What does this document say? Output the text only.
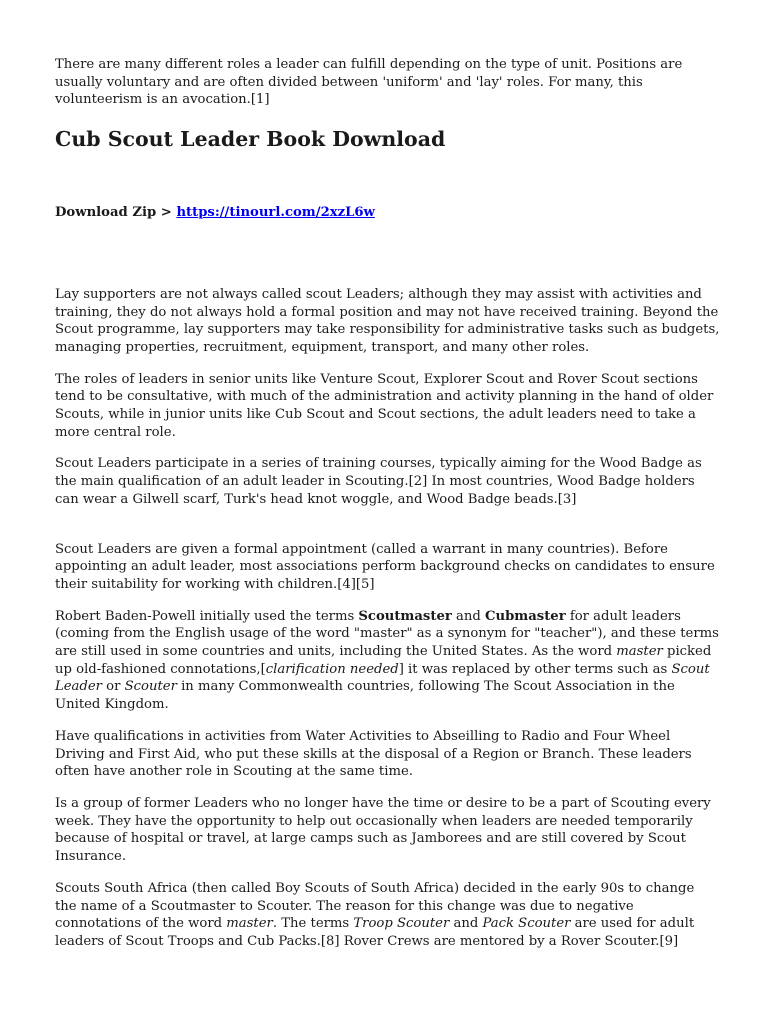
There are many different roles a leader can fulfill depending on the type of unit. Positions are usually voluntary and are often divided between 'uniform' and 'lay' roles. For many, this volunteerism is an avocation.[1]

Cub Scout Leader Book Download

Download Zip > https://tinourl.com/2xzL6w

Lay supporters are not always called scout Leaders; although they may assist with activities and training, they do not always hold a formal position and may not have received training. Beyond the Scout programme, lay supporters may take responsibility for administrative tasks such as budgets, managing properties, recruitment, equipment, transport, and many other roles.

The roles of leaders in senior units like Venture Scout, Explorer Scout and Rover Scout sections tend to be consultative, with much of the administration and activity planning in the hand of older Scouts, while in junior units like Cub Scout and Scout sections, the adult leaders need to take a more central role.

Scout Leaders participate in a series of training courses, typically aiming for the Wood Badge as the main qualification of an adult leader in Scouting.[2] In most countries, Wood Badge holders can wear a Gilwell scarf, Turk's head knot woggle, and Wood Badge beads.[3]

Scout Leaders are given a formal appointment (called a warrant in many countries). Before appointing an adult leader, most associations perform background checks on candidates to ensure their suitability for working with children.[4][5]

Robert Baden-Powell initially used the terms Scoutmaster and Cubmaster for adult leaders (coming from the English usage of the word "master" as a synonym for "teacher"), and these terms are still used in some countries and units, including the United States. As the word master picked up old-fashioned connotations,[clarification needed] it was replaced by other terms such as Scout Leader or Scouter in many Commonwealth countries, following The Scout Association in the United Kingdom.

Have qualifications in activities from Water Activities to Abseilling to Radio and Four Wheel Driving and First Aid, who put these skills at the disposal of a Region or Branch. These leaders often have another role in Scouting at the same time.

Is a group of former Leaders who no longer have the time or desire to be a part of Scouting every week. They have the opportunity to help out occasionally when leaders are needed temporarily because of hospital or travel, at large camps such as Jamborees and are still covered by Scout Insurance.

Scouts South Africa (then called Boy Scouts of South Africa) decided in the early 90s to change the name of a Scoutmaster to Scouter. The reason for this change was due to negative connotations of the word master. The terms Troop Scouter and Pack Scouter are used for adult leaders of Scout Troops and Cub Packs.[8] Rover Crews are mentored by a Rover Scouter.[9]
